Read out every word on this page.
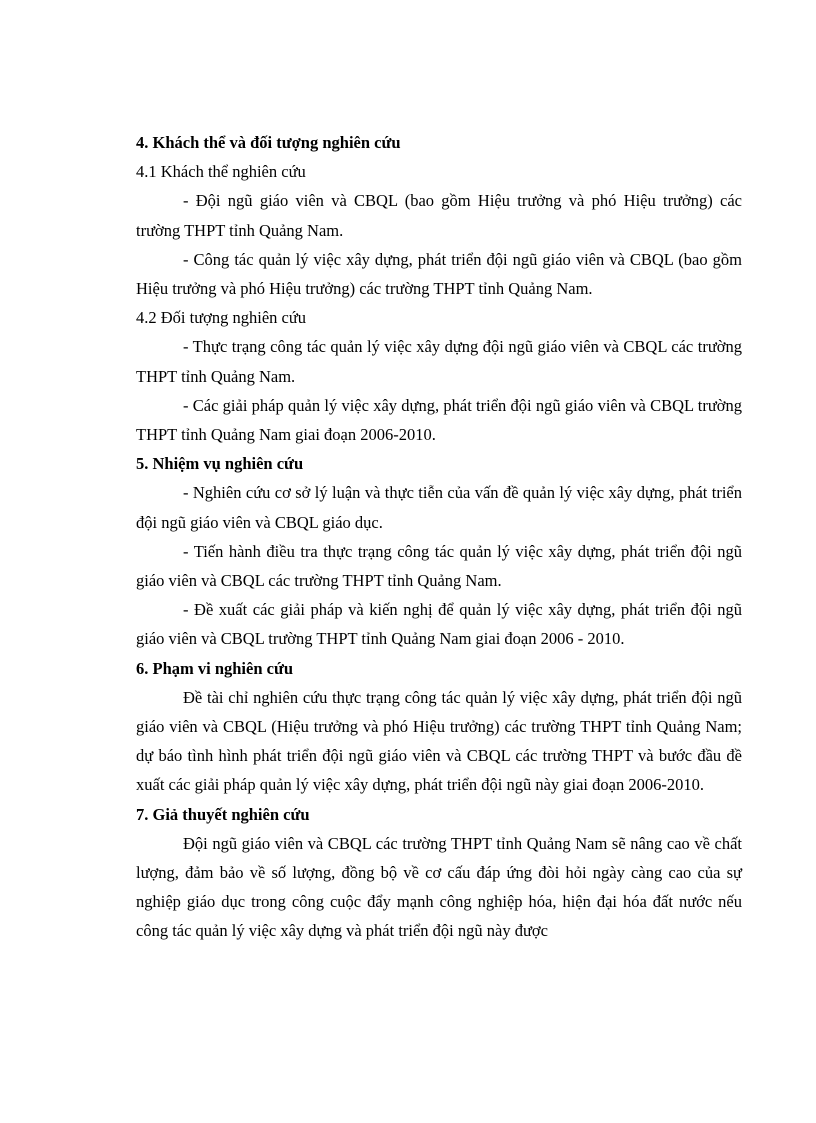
4. Khách thể và đối tượng nghiên cứu

4.1 Khách thể nghiên cứu

- Đội ngũ giáo viên và CBQL (bao gồm Hiệu trưởng và phó Hiệu trưởng) các trường THPT tỉnh Quảng Nam.

- Công tác quản lý việc xây dựng, phát triển đội ngũ giáo viên và CBQL (bao gồm Hiệu trưởng và phó Hiệu trưởng) các trường THPT tỉnh Quảng Nam.

4.2 Đối tượng nghiên cứu

- Thực trạng công tác quản lý việc xây dựng đội ngũ giáo viên và CBQL các trường THPT tỉnh Quảng Nam.

- Các giải pháp quản lý việc xây dựng, phát triển đội ngũ giáo viên và CBQL trường THPT tỉnh Quảng Nam giai đoạn 2006-2010.

5. Nhiệm vụ nghiên cứu

- Nghiên cứu cơ sở lý luận và thực tiễn của vấn đề quản lý việc xây dựng, phát triển đội ngũ giáo viên và CBQL giáo dục.

- Tiến hành điều tra thực trạng công tác quản lý việc xây dựng, phát triển đội ngũ giáo viên và CBQL các trường THPT tỉnh Quảng Nam.

- Đề xuất các giải pháp và kiến nghị để quản lý việc xây dựng, phát triển đội ngũ giáo viên và CBQL trường THPT tỉnh Quảng Nam giai đoạn 2006 - 2010.

6. Phạm vi nghiên cứu

Đề tài chỉ nghiên cứu thực trạng công tác quản lý việc xây dựng, phát triển đội ngũ giáo viên và CBQL (Hiệu trưởng và phó Hiệu trưởng) các trường THPT tỉnh Quảng Nam; dự báo tình hình phát triển đội ngũ giáo viên và CBQL các trường THPT và bước đầu đề xuất các giải pháp quản lý việc xây dựng, phát triển đội ngũ này giai đoạn 2006-2010.

7. Giả thuyết nghiên cứu

Đội ngũ giáo viên và CBQL các trường THPT tỉnh Quảng Nam sẽ nâng cao về chất lượng, đảm bảo về số lượng, đồng bộ về cơ cấu đáp ứng đòi hỏi ngày càng cao của sự nghiệp giáo dục trong công cuộc đẩy mạnh công nghiệp hóa, hiện đại hóa đất nước nếu công tác quản lý việc xây dựng và phát triển đội ngũ này được
